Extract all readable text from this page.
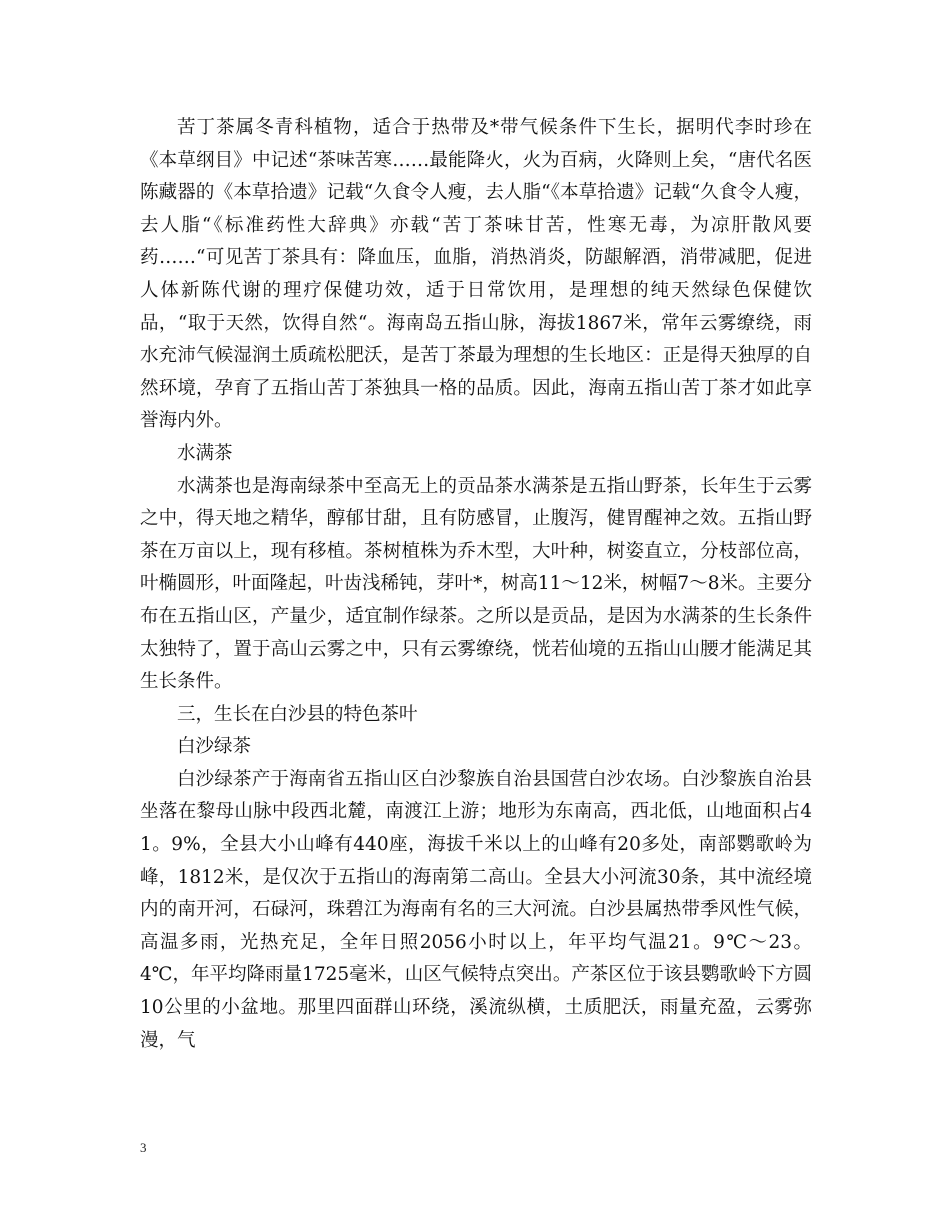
苦丁茶属冬青科植物，适合于热带及*带气候条件下生长，据明代李时珍在《本草纲目》中记述“茶味苦寒……最能降火，火为百病，火降则上矣，“唐代名医陈藏器的《本草拾遗》记载“久食令人瘦，去人脂“《本草拾遗》记载“久食令人瘦，去人脂“《标准药性大辞典》亦载“苦丁茶味甘苦，性寒无毒，为凉肝散风要药……“可见苦丁茶具有：降血压，血脂，消热消炎，防龈解酒，消带减肥，促进人体新陈代谢的理疗保健功效，适于日常饮用，是理想的纯天然绿色保健饮品，“取于天然，饮得自然“。海南岛五指山脉，海拔1867米，常年云雾缭绕，雨水充沛气候湿润土质疏松肥沃，是苦丁茶最为理想的生长地区：正是得天独厚的自然环境，孕育了五指山苦丁茶独具一格的品质。因此，海南五指山苦丁茶才如此享誉海内外。

水满茶

水满茶也是海南绿茶中至高无上的贡品茶水满茶是五指山野茶，长年生于云雾之中，得天地之精华，醇郁甘甜，且有防感冒，止腹泻，健胃醒神之效。五指山野茶在万亩以上，现有移植。茶树植株为乔木型，大叶种，树姿直立，分枝部位高，叶椭圆形，叶面隆起，叶齿浅稀钝，芽叶*，树高11～12米，树幅7～8米。主要分布在五指山区，产量少，适宜制作绿茶。之所以是贡品，是因为水满茶的生长条件太独特了，置于高山云雾之中，只有云雾缭绕，恍若仙境的五指山山腰才能满足其生长条件。

三，生长在白沙县的特色茶叶

白沙绿茶

白沙绿茶产于海南省五指山区白沙黎族自治县国营白沙农场。白沙黎族自治县坐落在黎母山脉中段西北麓，南渡江上游；地形为东南高，西北低，山地面积占41。9%，全县大小山峰有440座，海拔千米以上的山峰有20多处，南部鹦歌岭为峰，1812米，是仅次于五指山的海南第二高山。全县大小河流30条，其中流经境内的南开河，石碌河，珠碧江为海南有名的三大河流。白沙县属热带季风性气候，高温多雨，光热充足，全年日照2056小时以上，年平均气温21。9℃～23。4℃，年平均降雨量1725毫米，山区气候特点突出。产茶区位于该县鹦歌岭下方圆10公里的小盆地。那里四面群山环绕，溪流纵横，土质肥沃，雨量充盈，云雾弥漫，气

3
